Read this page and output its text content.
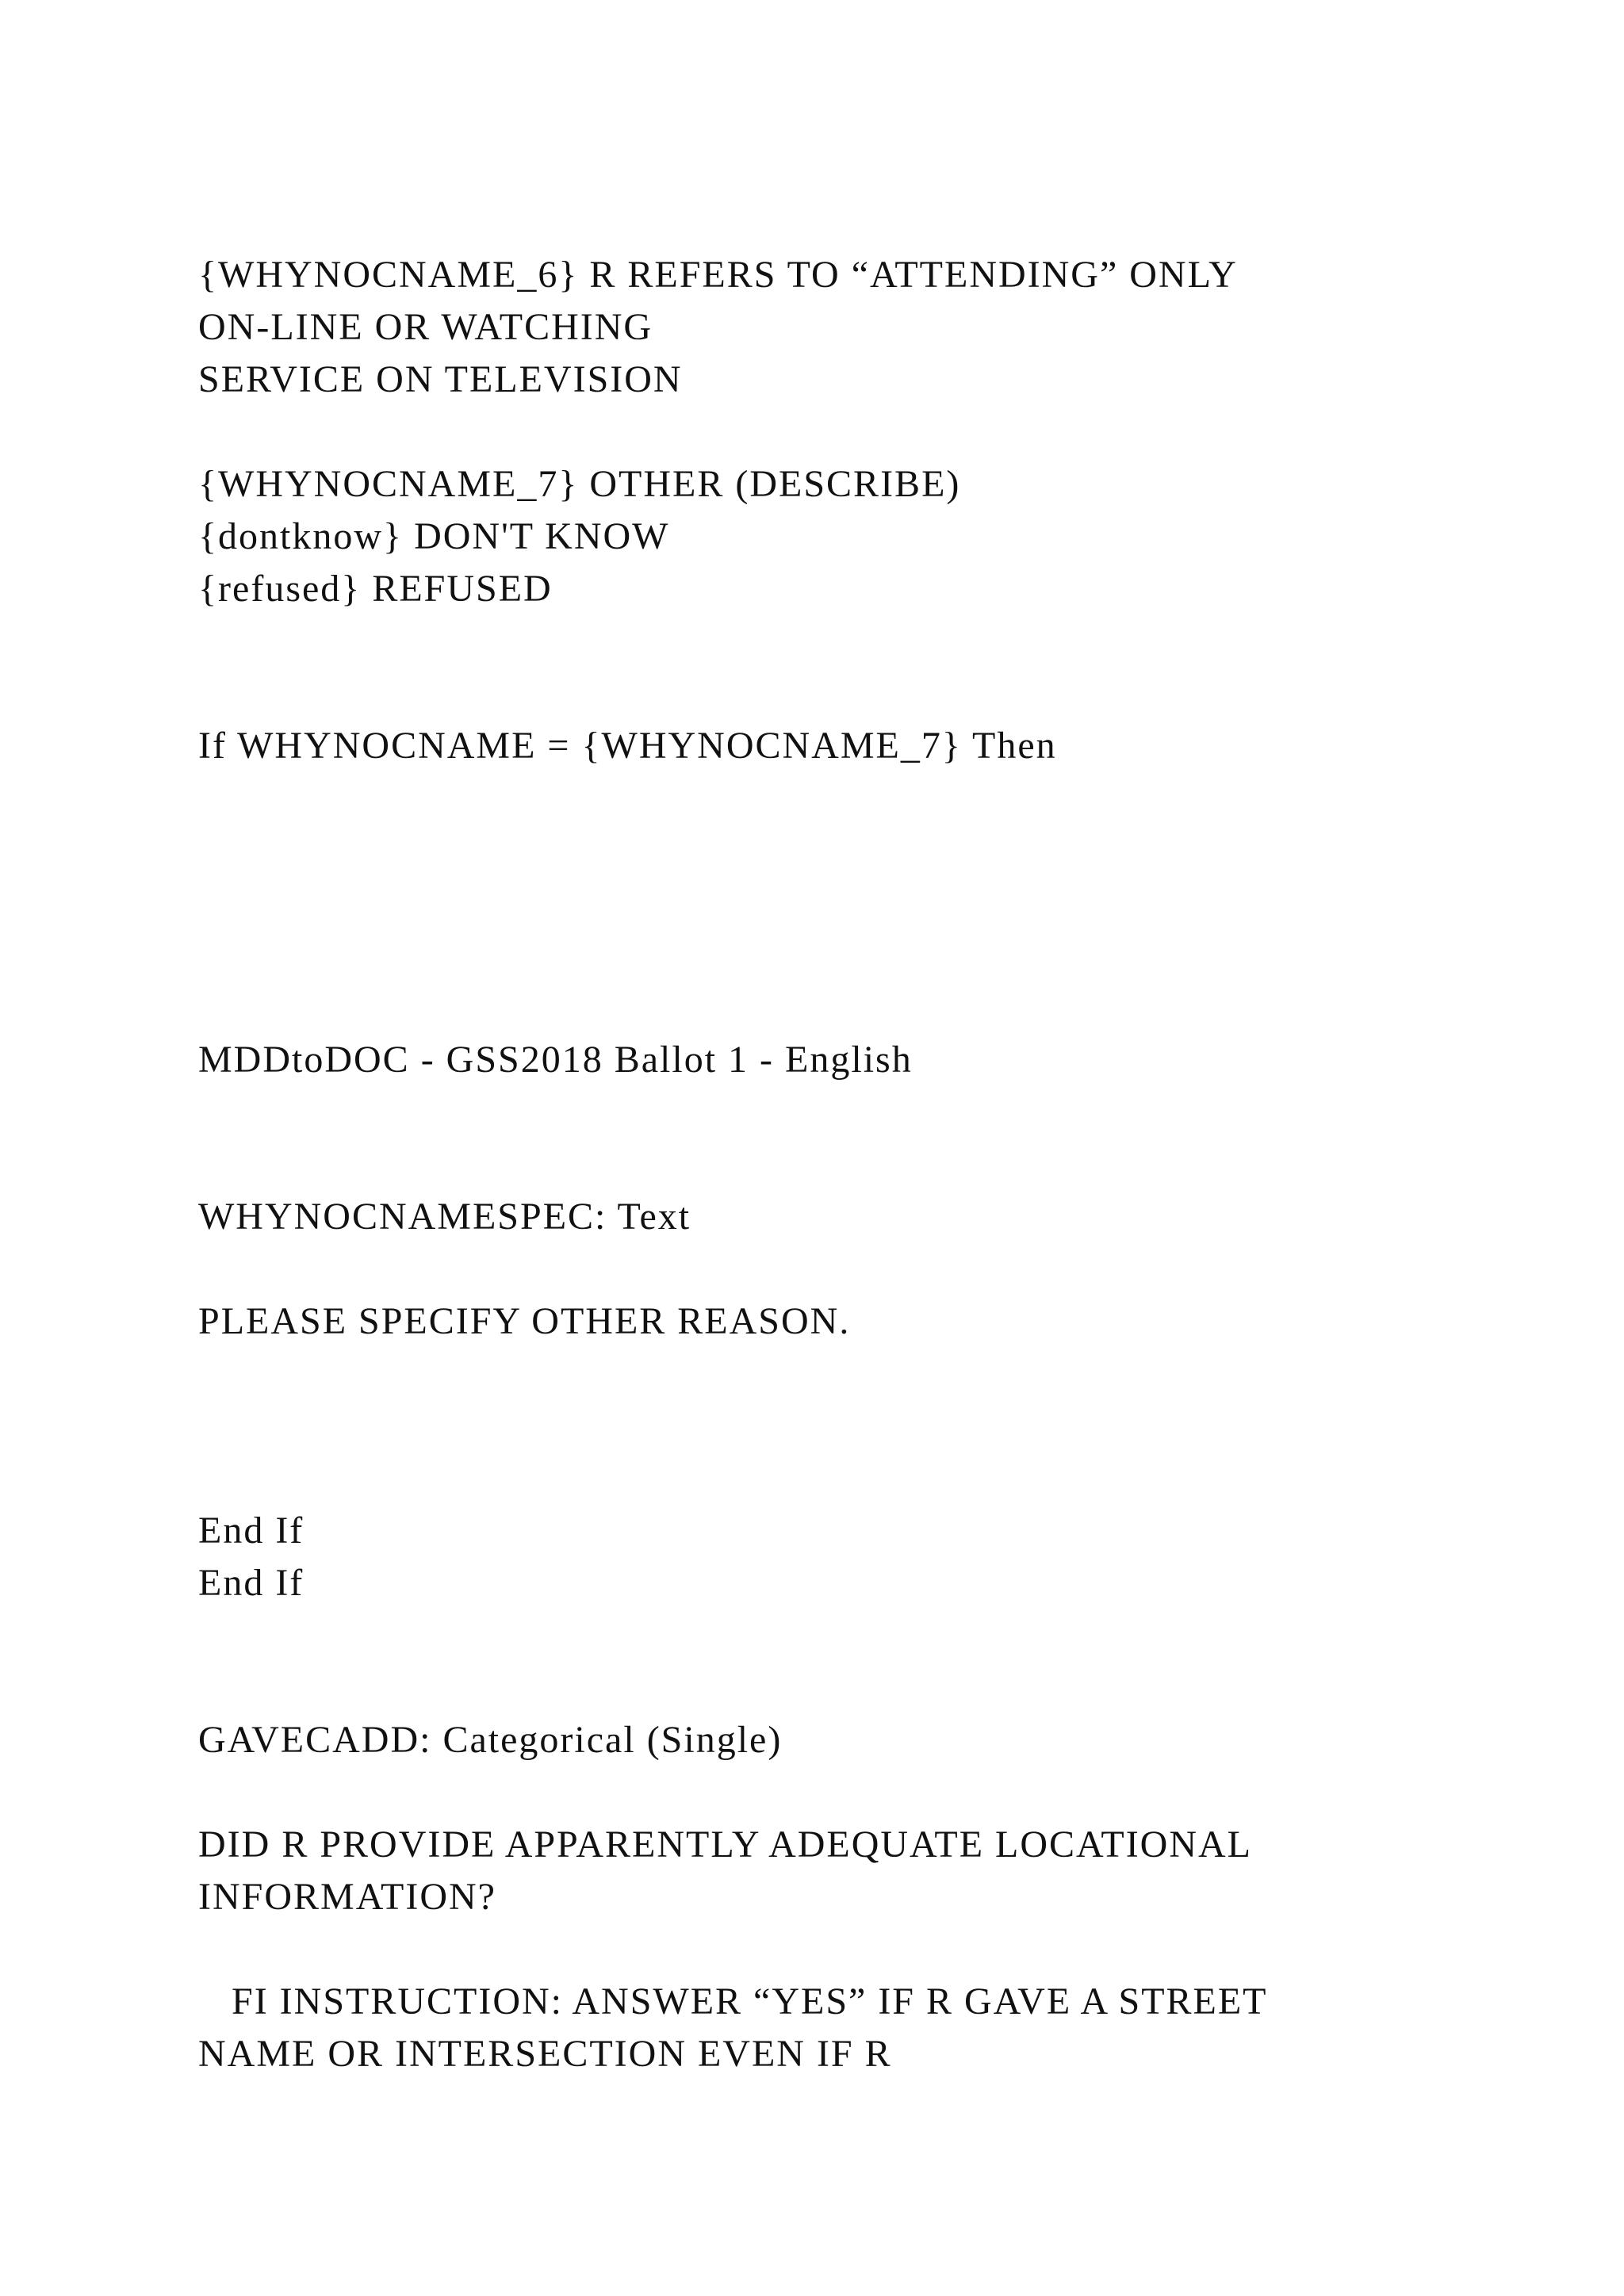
{WHYNOCNAME_6} R REFERS TO “ATTENDING” ONLY
ON-LINE OR WATCHING
SERVICE ON TELEVISION
{WHYNOCNAME_7} OTHER (DESCRIBE)
{dontknow} DON'T KNOW
{refused} REFUSED
If WHYNOCNAME = {WHYNOCNAME_7} Then
MDDtoDOC - GSS2018 Ballot 1 - English
WHYNOCNAMESPEC: Text
PLEASE SPECIFY OTHER REASON.
End If
End If
GAVECADD: Categorical (Single)
DID R PROVIDE APPARENTLY ADEQUATE LOCATIONAL
INFORMATION?
FI INSTRUCTION: ANSWER “YES” IF R GAVE A STREET
NAME OR INTERSECTION EVEN IF R
